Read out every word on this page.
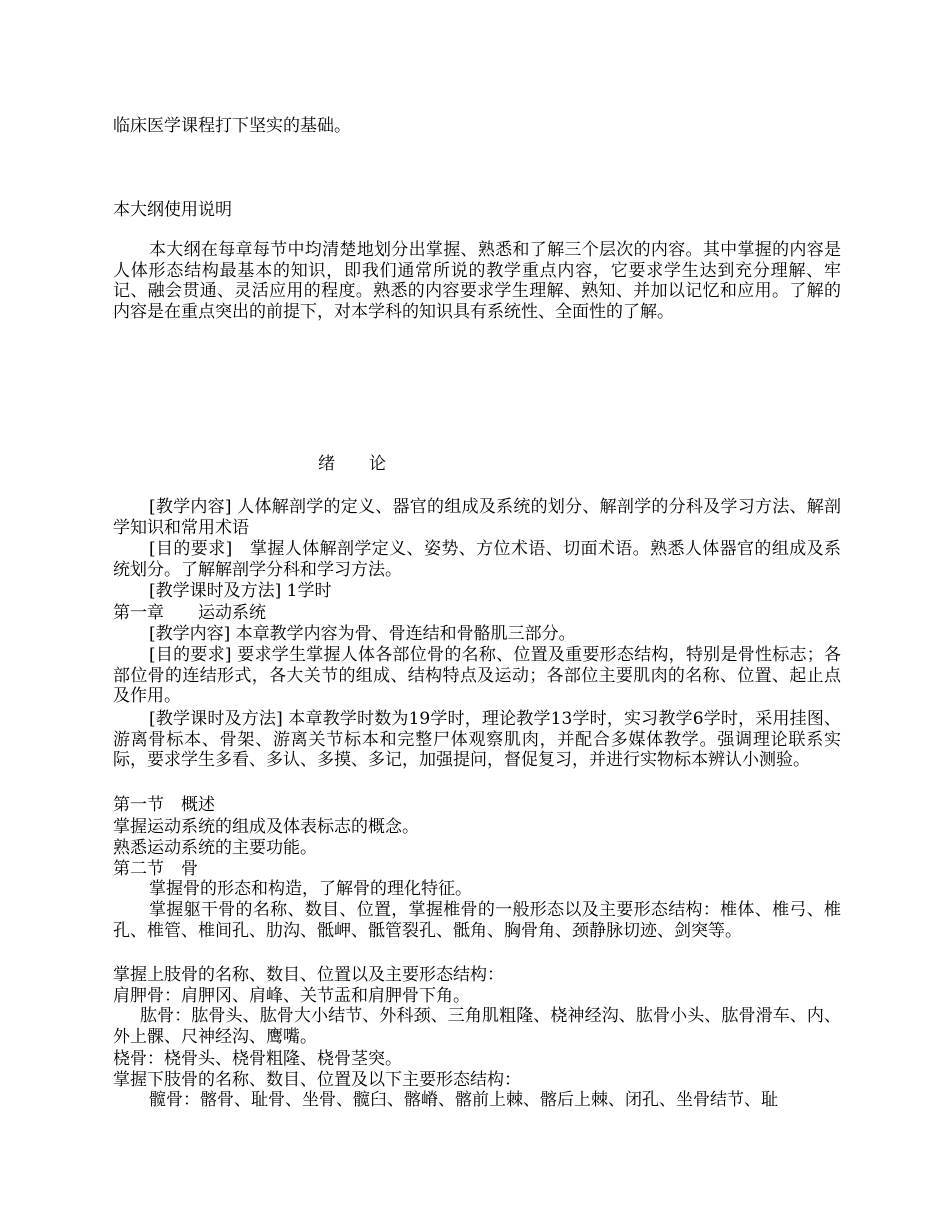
临床医学课程打下坚实的基础。
本大纲使用说明
本大纲在每章每节中均清楚地划分出掌握、熟悉和了解三个层次的内容。其中掌握的内容是人体形态结构最基本的知识，即我们通常所说的教学重点内容，它要求学生达到充分理解、牢记、融会贯通、灵活应用的程度。熟悉的内容要求学生理解、熟知、并加以记忆和应用。了解的内容是在重点突出的前提下，对本学科的知识具有系统性、全面性的了解。
绪　　论
[教学内容] 人体解剖学的定义、器官的组成及系统的划分、解剖学的分科及学习方法、解剖学知识和常用术语
[目的要求]　掌握人体解剖学定义、姿势、方位术语、切面术语。熟悉人体器官的组成及系统划分。了解解剖学分科和学习方法。
[教学课时及方法] 1学时
第一章　　运动系统
[教学内容] 本章教学内容为骨、骨连结和骨骼肌三部分。
[目的要求] 要求学生掌握人体各部位骨的名称、位置及重要形态结构，特别是骨性标志；各部位骨的连结形式，各大关节的组成、结构特点及运动；各部位主要肌肉的名称、位置、起止点及作用。
[教学课时及方法] 本章教学时数为19学时，理论教学13学时，实习教学6学时，采用挂图、游离骨标本、骨架、游离关节标本和完整尸体观察肌肉，并配合多媒体教学。强调理论联系实际，要求学生多看、多认、多摸、多记，加强提问，督促复习，并进行实物标本辨认小测验。
第一节　概述
掌握运动系统的组成及体表标志的概念。
熟悉运动系统的主要功能。
第二节　骨
掌握骨的形态和构造，了解骨的理化特征。
掌握躯干骨的名称、数目、位置，掌握椎骨的一般形态以及主要形态结构：椎体、椎弓、椎孔、椎管、椎间孔、肋沟、骶岬、骶管裂孔、骶角、胸骨角、颈静脉切迹、剑突等。
掌握上肢骨的名称、数目、位置以及主要形态结构：
肩胛骨：肩胛冈、肩峰、关节盂和肩胛骨下角。
肱骨：肱骨头、肱骨大小结节、外科颈、三角肌粗隆、桡神经沟、肱骨小头、肱骨滑车、内、外上髁、尺神经沟、鹰嘴。
桡骨：桡骨头、桡骨粗隆、桡骨茎突。
掌握下肢骨的名称、数目、位置及以下主要形态结构：
髋骨：髂骨、耻骨、坐骨、髋臼、髂嵴、髂前上棘、髂后上棘、闭孔、坐骨结节、耻
